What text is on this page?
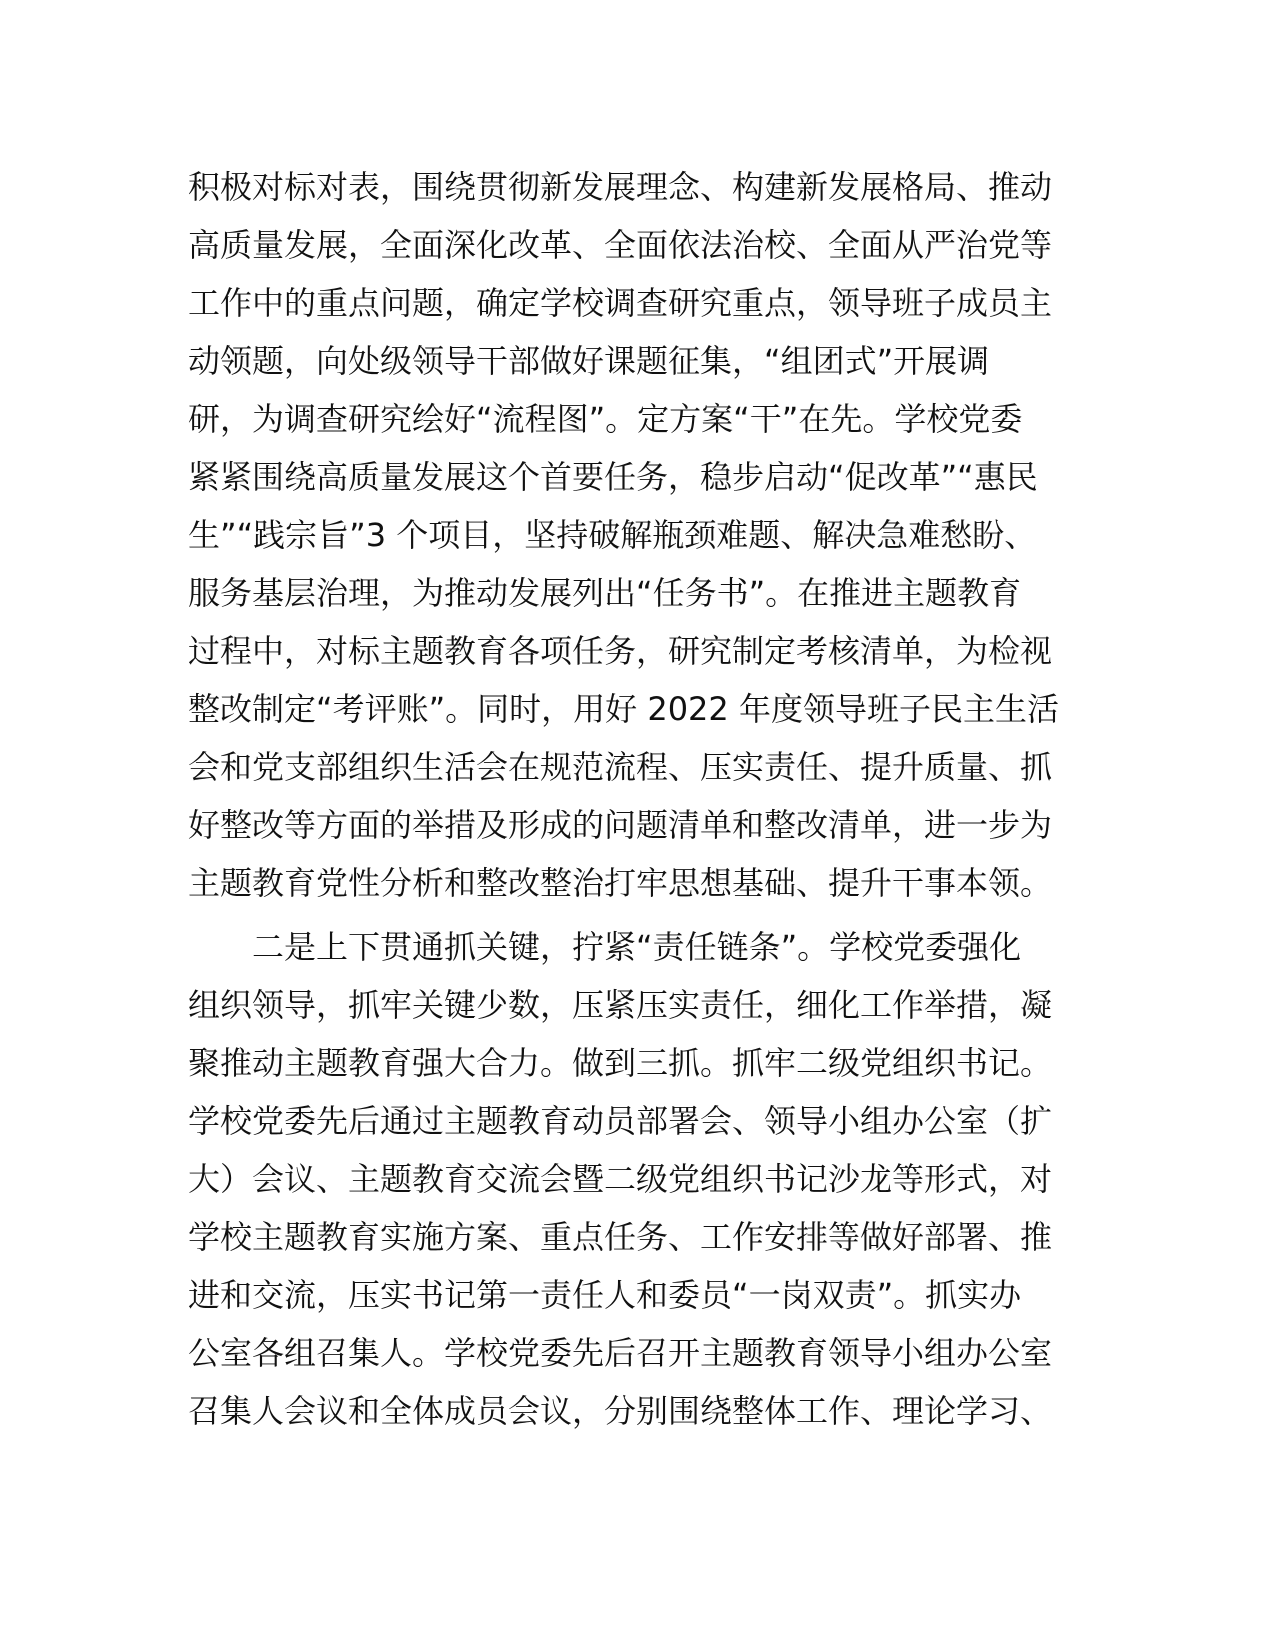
积极对标对表，围绕贯彻新发展理念、构建新发展格局、推动
高质量发展，全面深化改革、全面依法治校、全面从严治党等
工作中的重点问题，确定学校调查研究重点，领导班子成员主
动领题，向处级领导干部做好课题征集，“组团式”开展调
研，为调查研究绘好“流程图”。定方案“干”在先。学校党委
紧紧围绕高质量发展这个首要任务，稳步启动“促改革”“惠民
生”“践宗旨”3 个项目，坚持破解瓶颈难题、解决急难愁盼、
服务基层治理，为推动发展列出“任务书”。在推进主题教育
过程中，对标主题教育各项任务，研究制定考核清单，为检视
整改制定“考评账”。同时，用好 2022 年度领导班子民主生活
会和党支部组织生活会在规范流程、压实责任、提升质量、抓
好整改等方面的举措及形成的问题清单和整改清单，进一步为
主题教育党性分析和整改整治打牢思想基础、提升干事本领。
二是上下贯通抓关键，拧紧“责任链条”。学校党委强化
组织领导，抓牢关键少数，压紧压实责任，细化工作举措，凝
聚推动主题教育强大合力。做到三抓。抓牢二级党组织书记。
学校党委先后通过主题教育动员部署会、领导小组办公室（扩
大）会议、主题教育交流会暨二级党组织书记沙龙等形式，对
学校主题教育实施方案、重点任务、工作安排等做好部署、推
进和交流，压实书记第一责任人和委员“一岗双责”。抓实办
公室各组召集人。学校党委先后召开主题教育领导小组办公室
召集人会议和全体成员会议，分别围绕整体工作、理论学习、
